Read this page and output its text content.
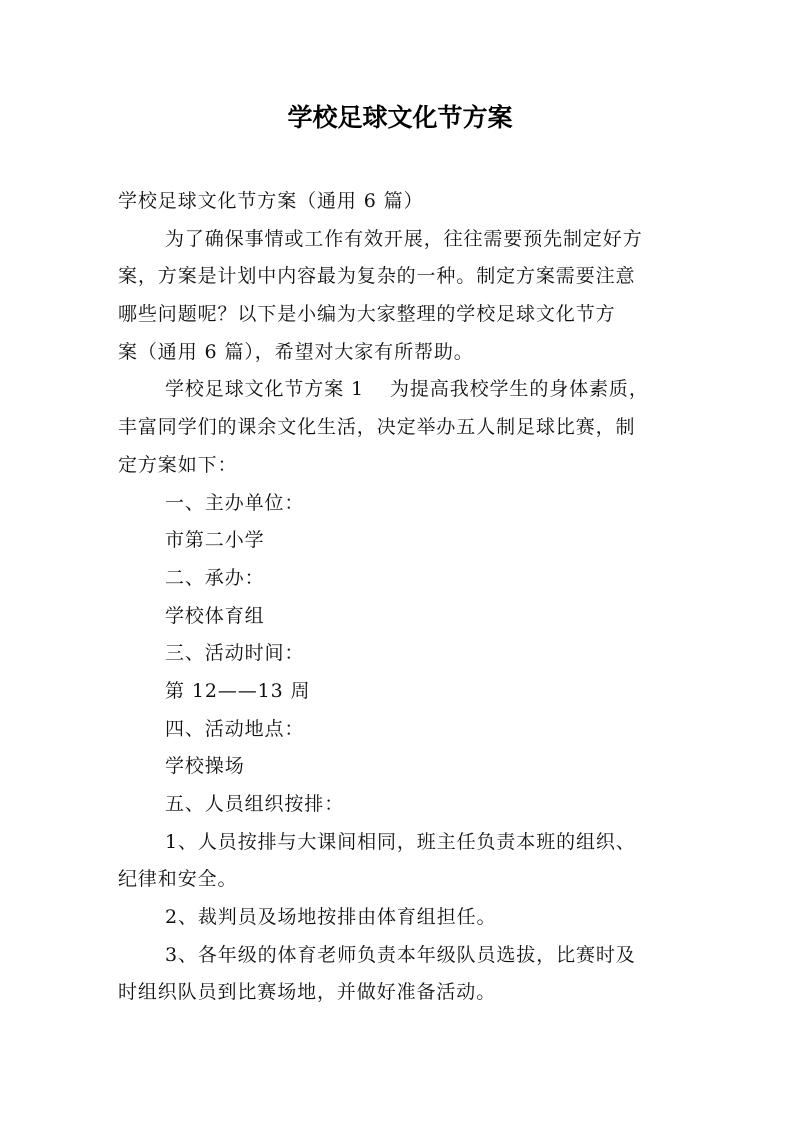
学校足球文化节方案

学校足球文化节方案（通用 6 篇）

为了确保事情或工作有效开展，往往需要预先制定好方

案，方案是计划中内容最为复杂的一种。制定方案需要注意

哪些问题呢？以下是小编为大家整理的学校足球文化节方

案（通用 6 篇），希望对大家有所帮助。

学校足球文化节方案 1 为提高我校学生的身体素质，

丰富同学们的课余文化生活，决定举办五人制足球比赛，制

定方案如下：

一、主办单位：

市第二小学

二、承办：

学校体育组

三、活动时间：

第 12——13 周

四、活动地点：

学校操场

五、人员组织按排：

1、人员按排与大课间相同，班主任负责本班的组织、

纪律和安全。

2、裁判员及场地按排由体育组担任。

3、各年级的体育老师负责本年级队员选拔，比赛时及

时组织队员到比赛场地，并做好准备活动。
